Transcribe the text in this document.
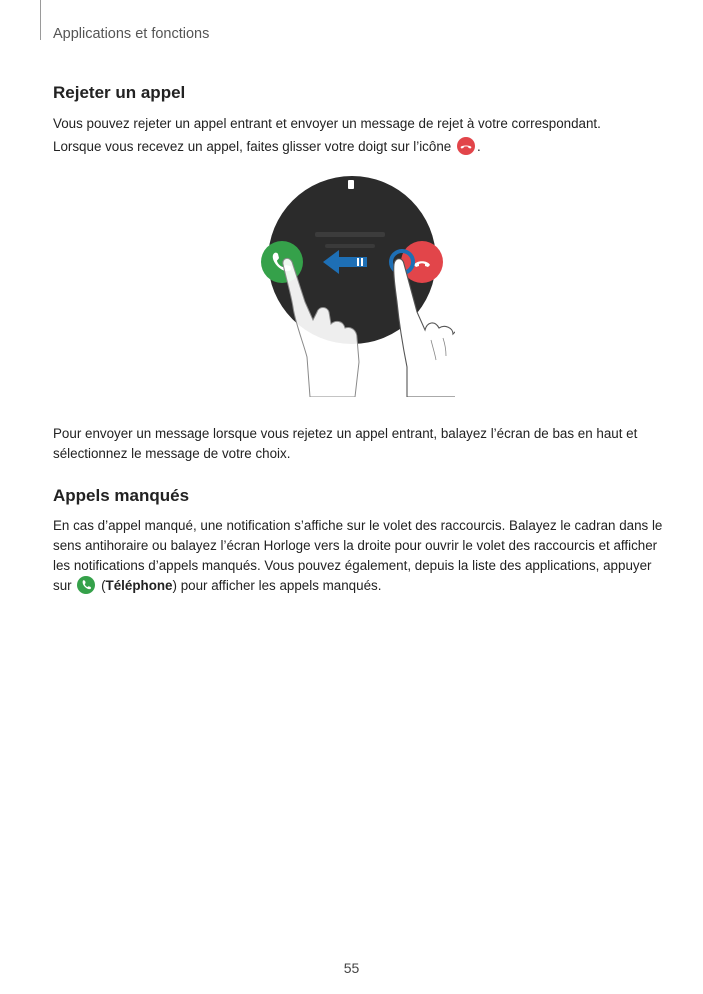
Applications et fonctions
Rejeter un appel
Vous pouvez rejeter un appel entrant et envoyer un message de rejet à votre correspondant.
Lorsque vous recevez un appel, faites glisser votre doigt sur l’icône .
Pour envoyer un message lorsque vous rejetez un appel entrant, balayez l’écran de bas en haut et
sélectionnez le message de votre choix.
Appels manqués
En cas d’appel manqué, une notification s’affiche sur le volet des raccourcis. Balayez le cadran dans le
sens antihoraire ou balayez l’écran Horloge vers la droite pour ouvrir le volet des raccourcis et afficher
les notifications d’appels manqués. Vous pouvez également, depuis la liste des applications, appuyer
sur (Téléphone) pour afficher les appels manqués.
55
